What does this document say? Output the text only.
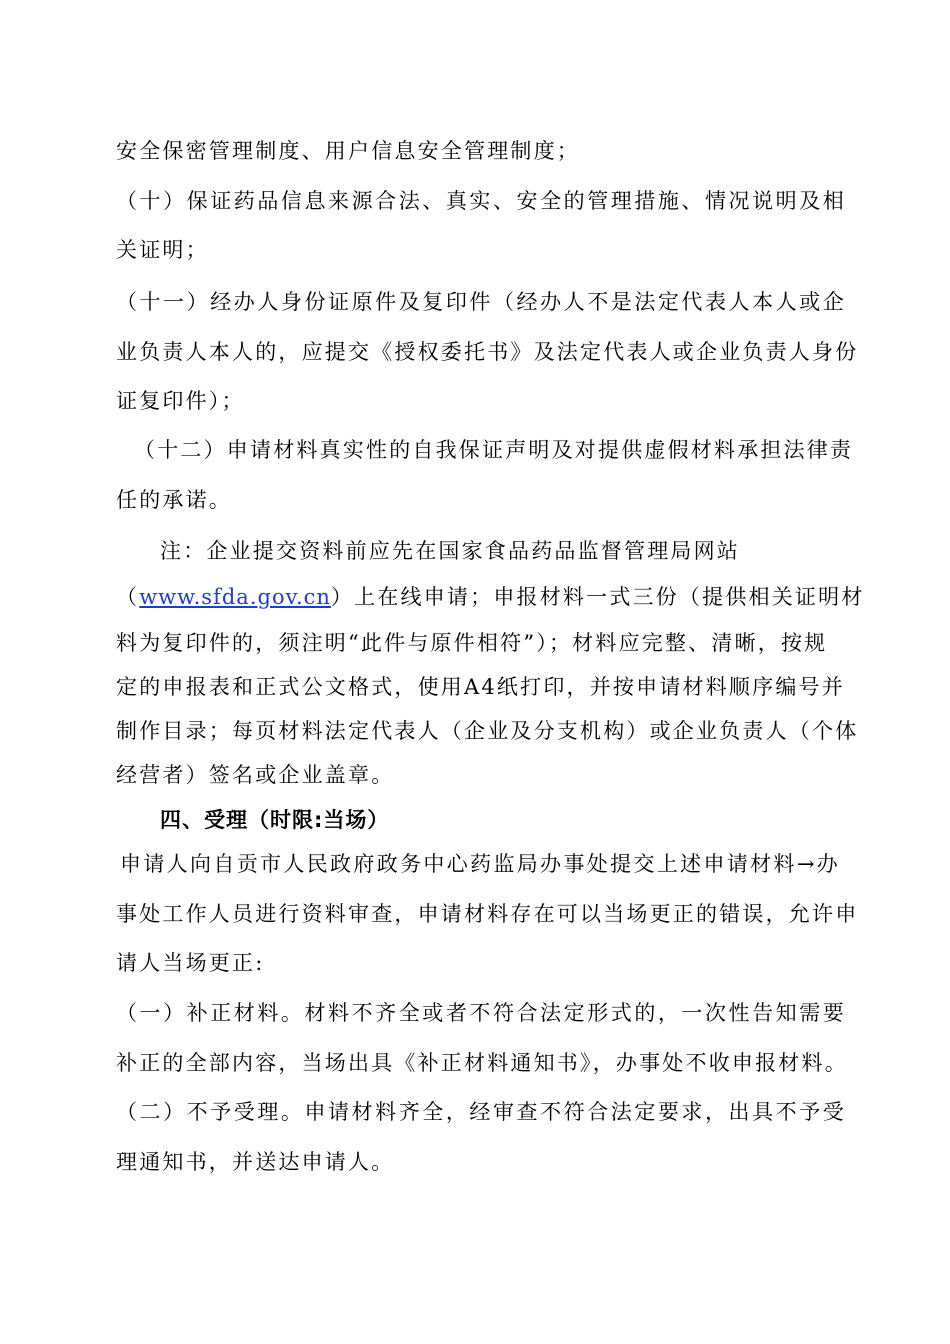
安全保密管理制度、用户信息安全管理制度；
（十）保证药品信息来源合法、真实、安全的管理措施、情况说明及相
关证明；
（十一）经办人身份证原件及复印件（经办人不是法定代表人本人或企
业负责人本人的，应提交《授权委托书》及法定代表人或企业负责人身份
证复印件）；
（十二）申请材料真实性的自我保证声明及对提供虚假材料承担法律责
任的承诺。
注：企业提交资料前应先在国家食品药品监督管理局网站
（www.sfda.gov.cn）上在线申请；申报材料一式三份（提供相关证明材
料为复印件的，须注明“此件与原件相符”）；材料应完整、清晰，按规
定的申报表和正式公文格式，使用A4纸打印，并按申请材料顺序编号并
制作目录；每页材料法定代表人（企业及分支机构）或企业负责人（个体
经营者）签名或企业盖章。
四、受理（时限:当场）
申请人向自贡市人民政府政务中心药监局办事处提交上述申请材料→办
事处工作人员进行资料审查，申请材料存在可以当场更正的错误，允许申
请人当场更正:
（一）补正材料。材料不齐全或者不符合法定形式的，一次性告知需要
补正的全部内容，当场出具《补正材料通知书》，办事处不收申报材料。
（二）不予受理。申请材料齐全，经审查不符合法定要求，出具不予受
理通知书，并送达申请人。
